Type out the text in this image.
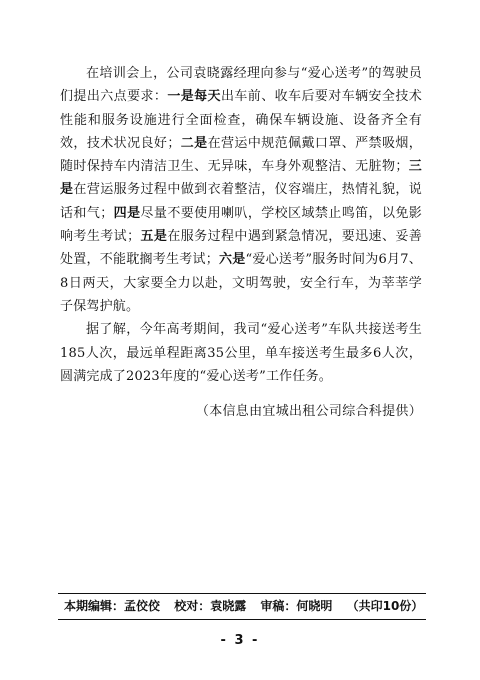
在培训会上，公司袁晓露经理向参与“爱心送考”的驾驶员们提出六点要求：一是每天出车前、收车后要对车辆安全技术性能和服务设施进行全面检查，确保车辆设施、设备齐全有效，技术状况良好；二是在营运中规范佩戴口罩、严禁吸烟，随时保持车内清洁卫生、无异味，车身外观整洁、无脏物；三是在营运服务过程中做到衣着整洁，仪容端庄，热情礼貌，说话和气；四是尽量不要使用喇叭，学校区域禁止鸣笛，以免影响考生考试；五是在服务过程中遇到紧急情况，要迅速、妥善处置，不能耽搁考生考试；六是“爱心送考”服务时间为6月7、8日两天，大家要全力以赴，文明驾驶，安全行车，为莘莘学子保驾护航。

据了解，今年高考期间，我司“爱心送考”车队共接送考生185人次，最远单程距离35公里，单车接送考生最多6人次，圆满完成了2023年度的“爱心送考”工作任务。

（本信息由宜城出租公司综合科提供）
本期编辑：孟佼佼 校对：袁晓露 审稿：何晓明 （共印10份）
- 3 -
